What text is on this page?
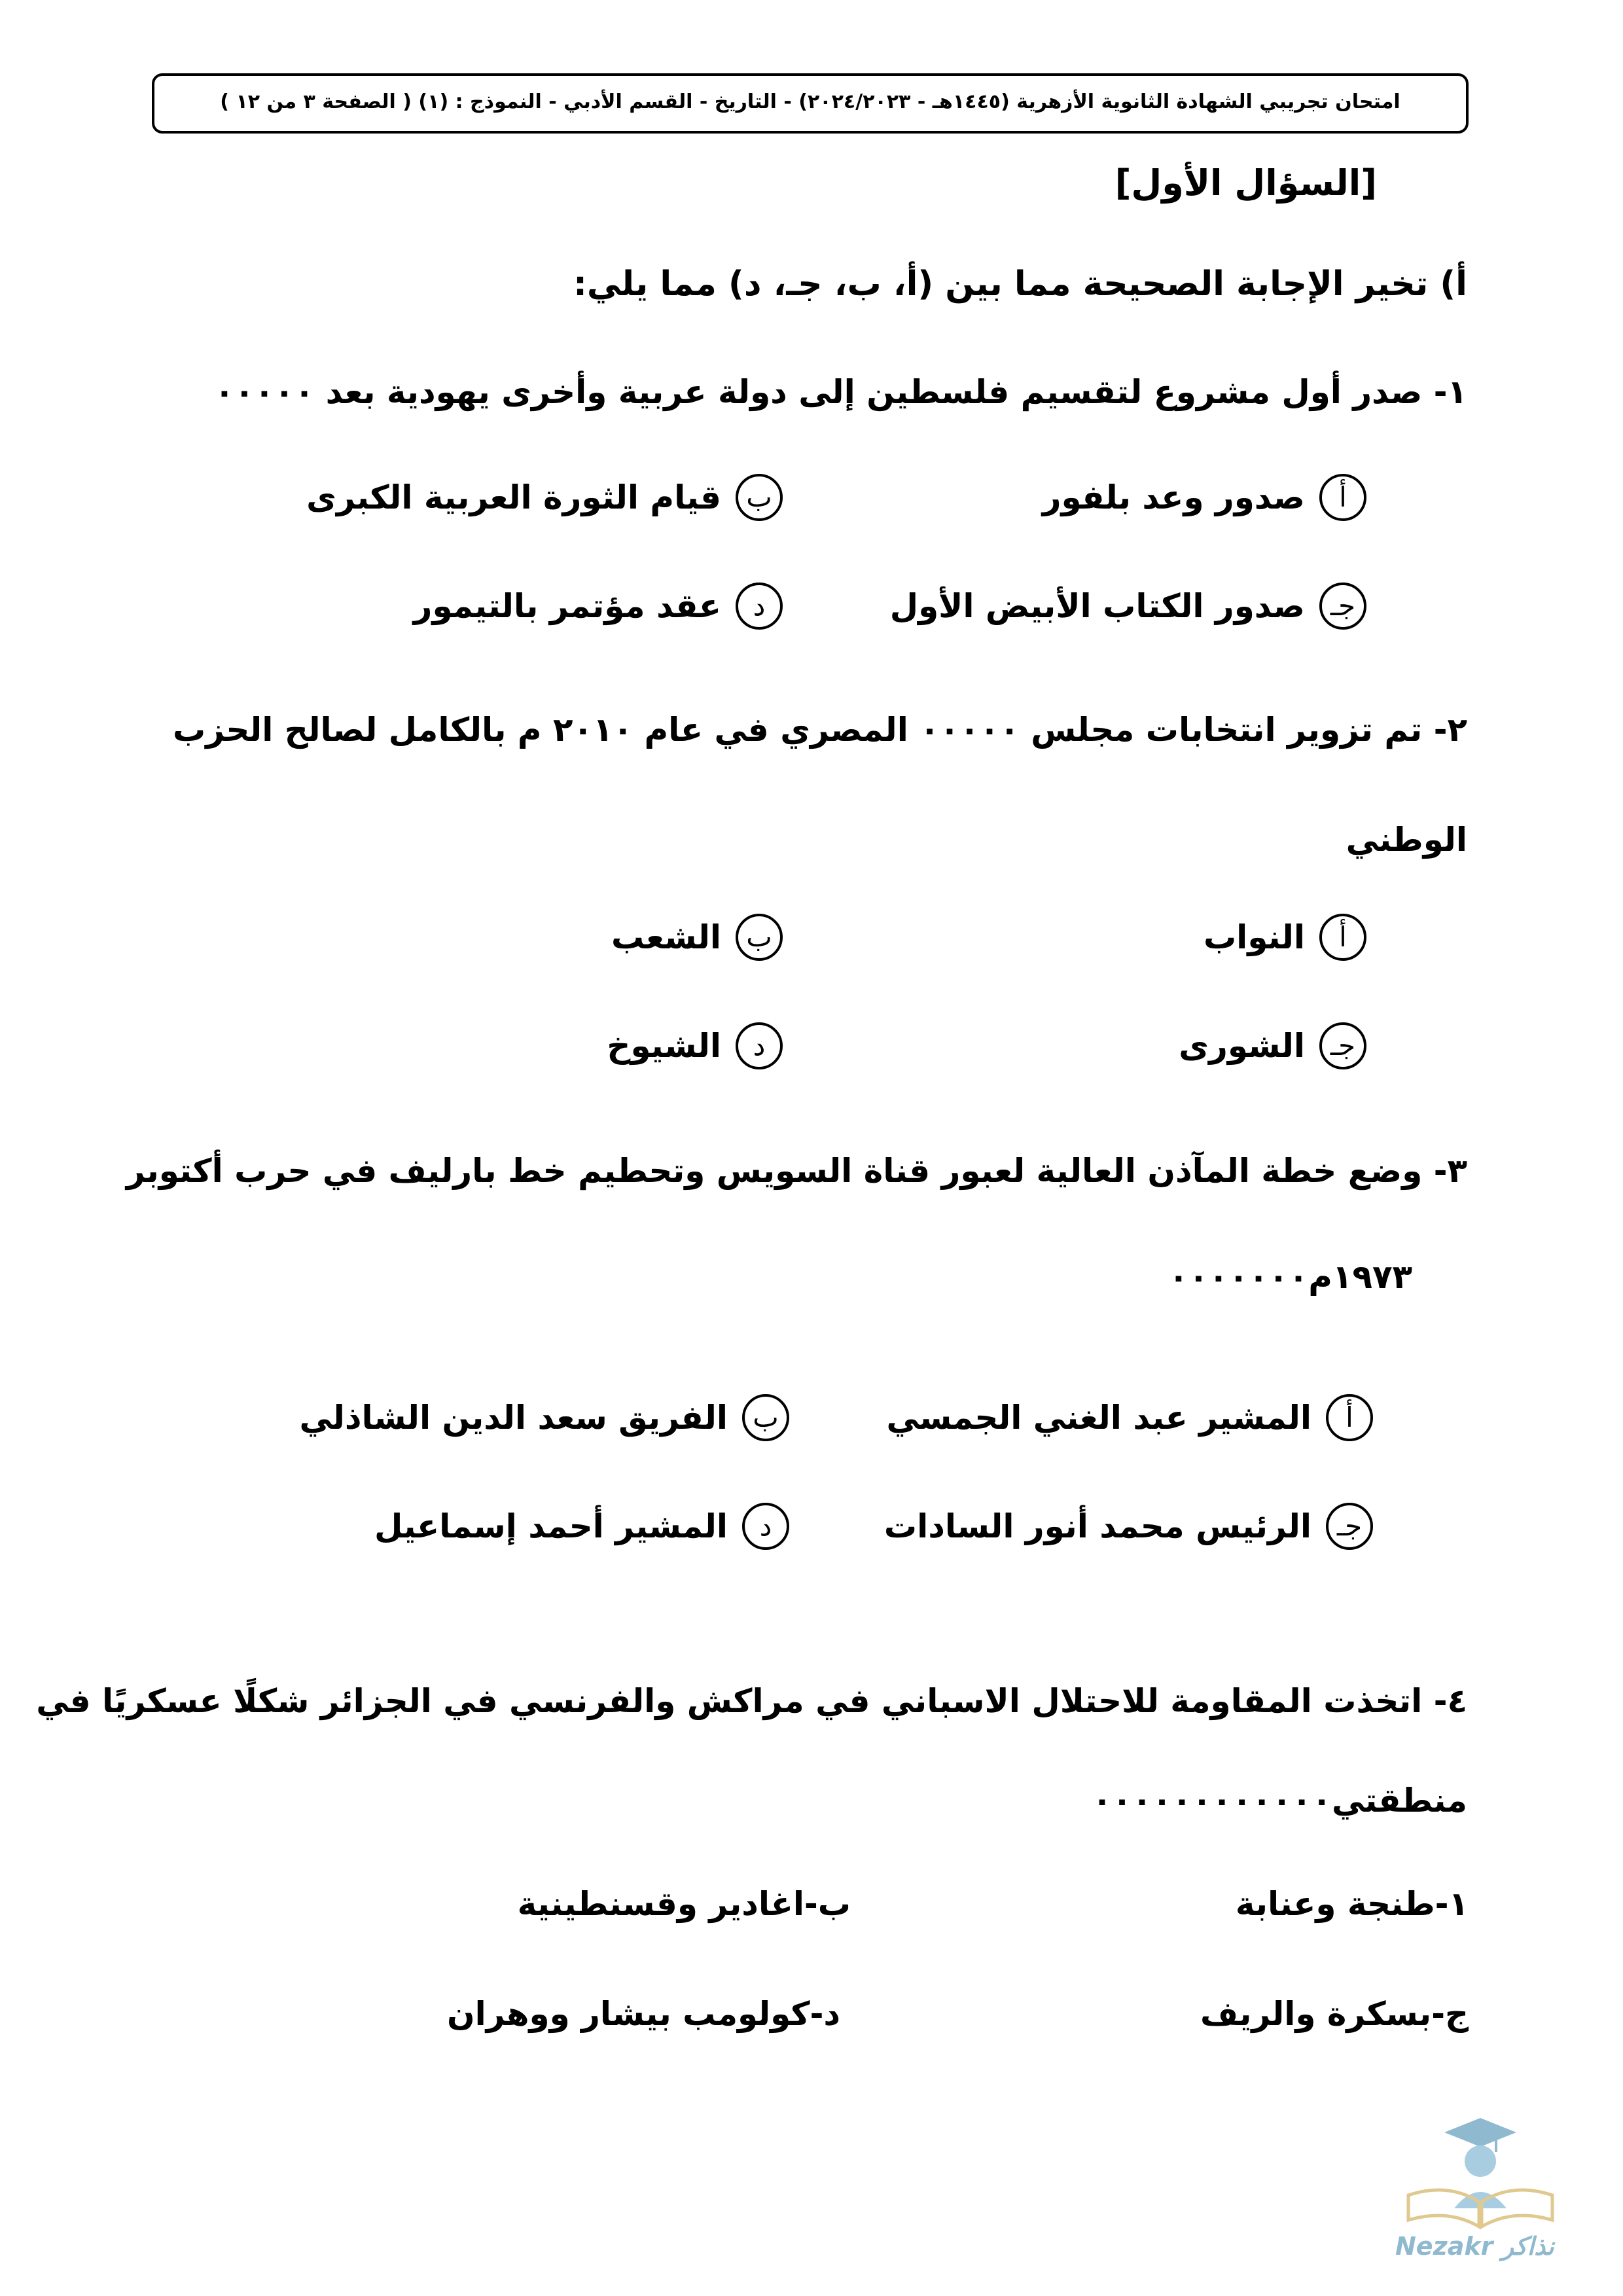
امتحان تجريبي الشهادة الثانوية الأزهرية (١٤٤٥هـ - ٢٠٢٤/٢٠٢٣) - التاريخ - القسم الأدبي - النموذج : (١) ( الصفحة ٣ من ١٢ )
[السؤال الأول]
أ) تخير الإجابة الصحيحة مما بين (أ، ب، جـ، د) مما يلي:
١- صدر أول مشروع لتقسيم فلسطين إلى دولة عربية وأخرى يهودية بعد ٠٠٠٠٠
أ
صدور وعد بلفور
ب
قيام الثورة العربية الكبرى
جـ
صدور الكتاب الأبيض الأول
د
عقد مؤتمر بالتيمور
٢- تم تزوير انتخابات مجلس ٠٠٠٠٠ المصري في عام ٢٠١٠ م بالكامل لصالح الحزب
الوطني
أ
النواب
ب
الشعب
جـ
الشورى
د
الشيوخ
٣- وضع خطة المآذن العالية لعبور قناة السويس وتحطيم خط بارليف في حرب أكتوبر
١٩٧٣م٠٠٠٠٠٠٠
أ
المشير عبد الغني الجمسي
ب
الفريق سعد الدين الشاذلي
جـ
الرئيس محمد أنور السادات
د
المشير أحمد إسماعيل
٤- اتخذت المقاومة للاحتلال الاسباني في مراكش والفرنسي في الجزائر شكلًا عسكريًا في
منطقتي٠٠٠٠٠٠٠٠٠٠٠٠
١-طنجة وعنابة
ب-اغادير وقسنطينية
ج-بسكرة والريف
د-كولومب بيشار ووهران
Nezakr نذاكر
